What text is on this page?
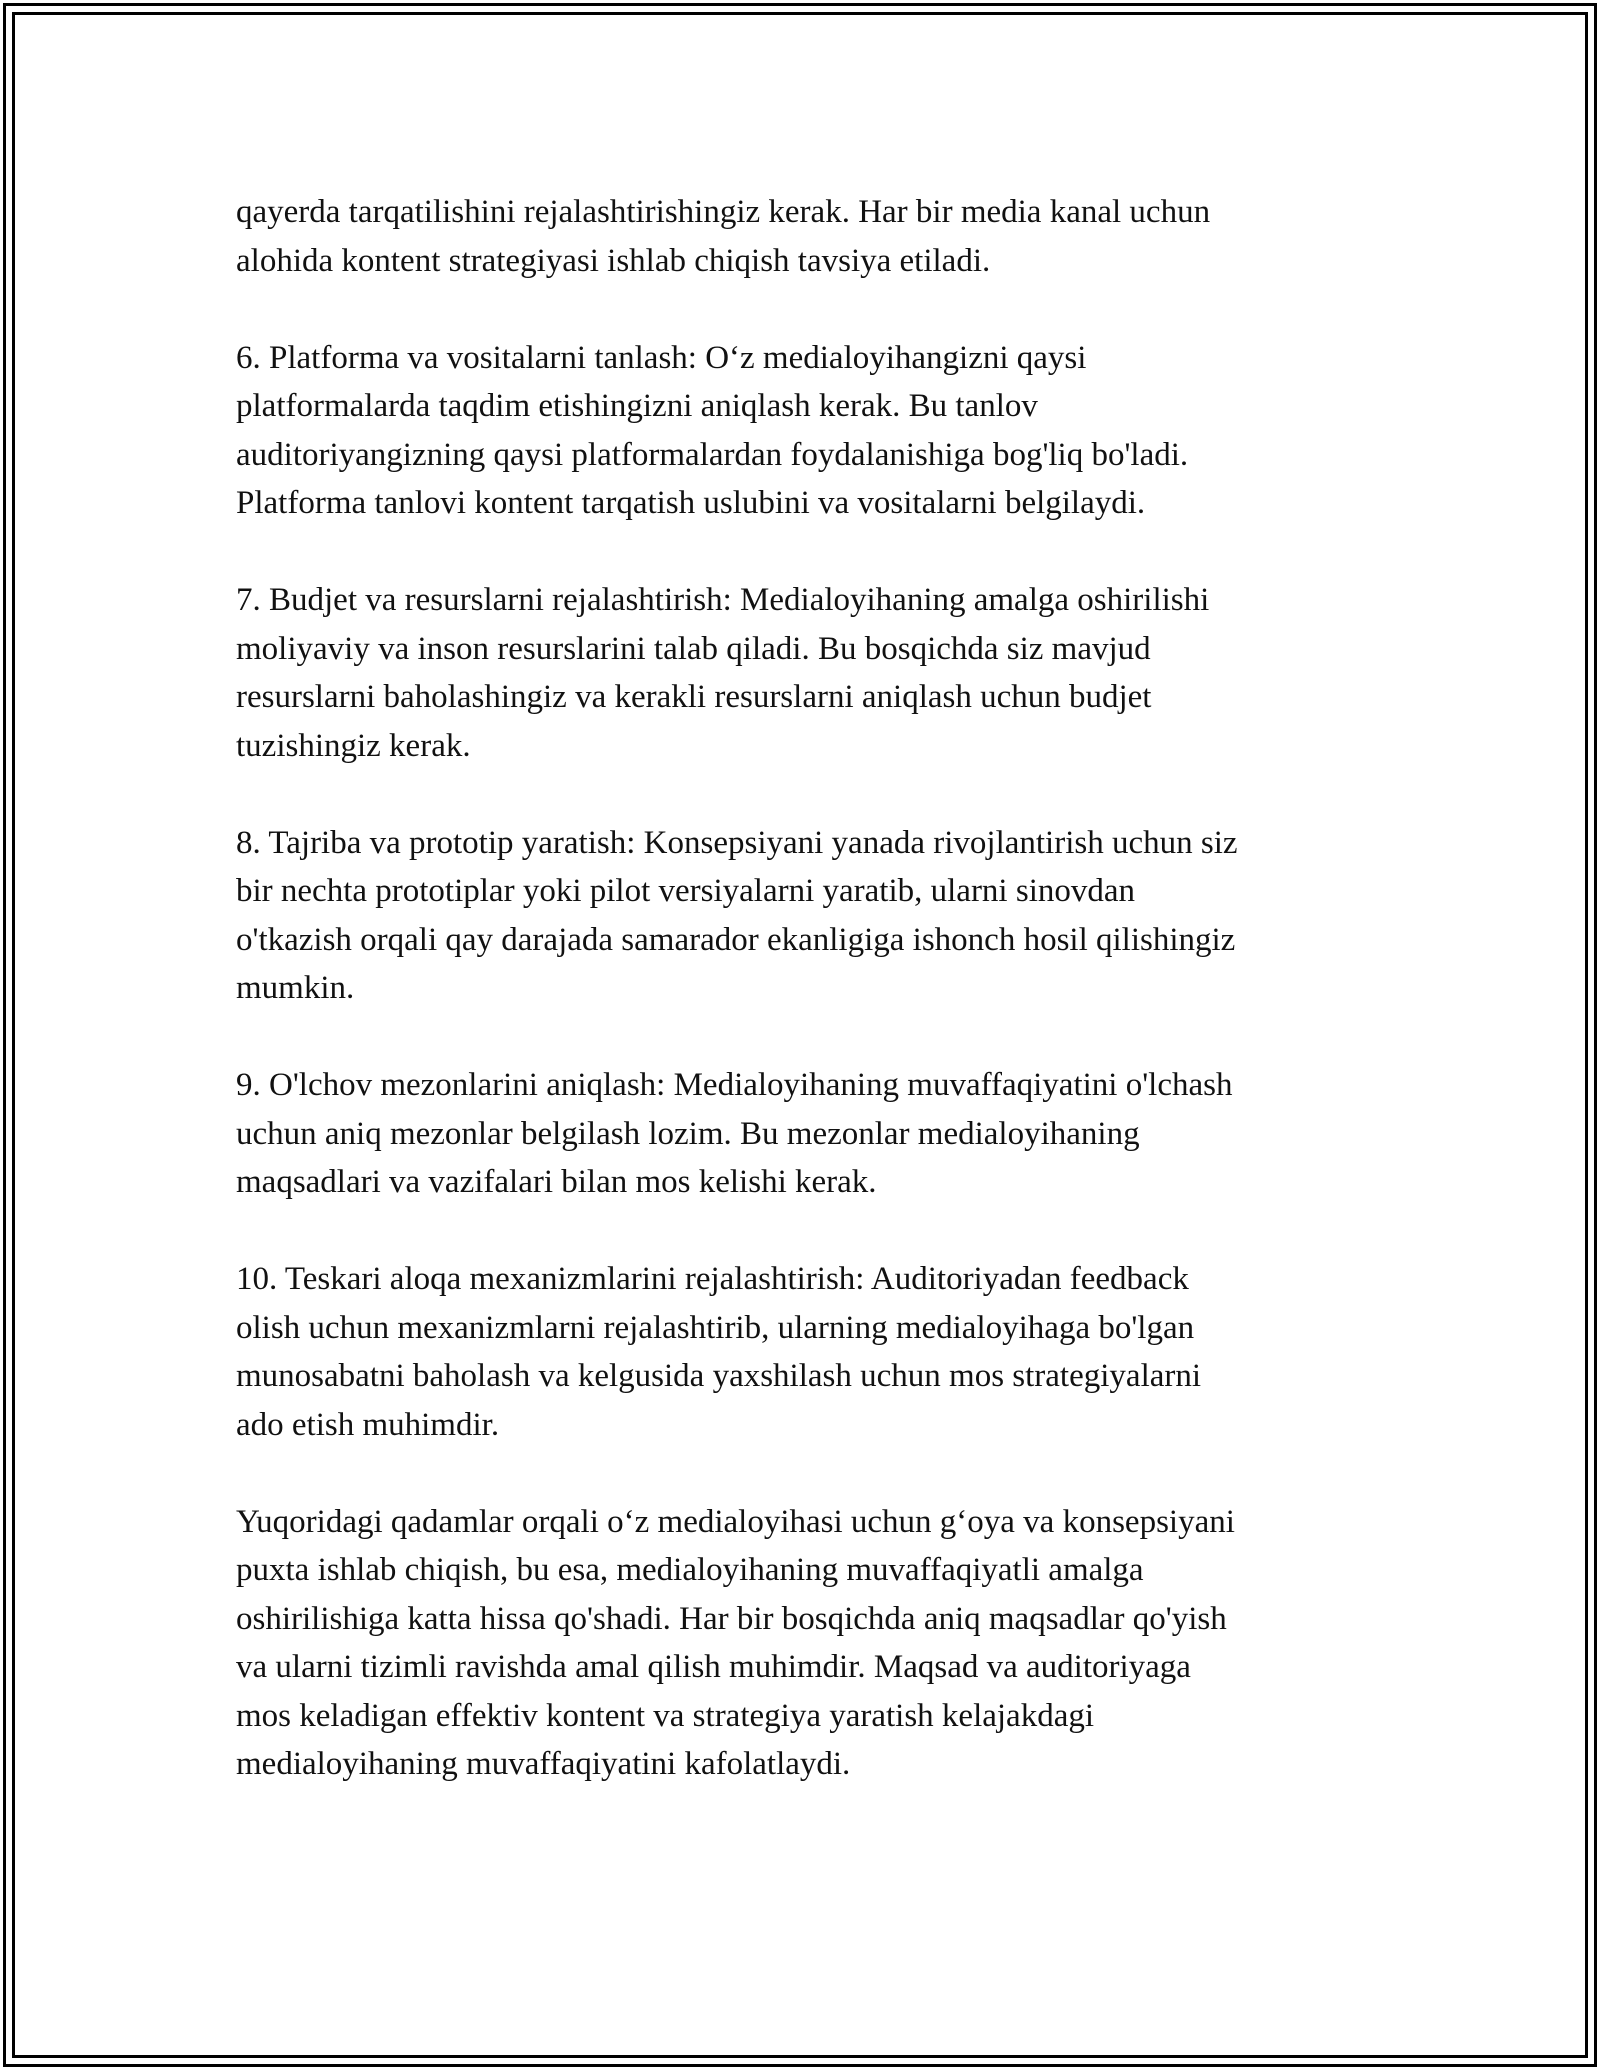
qayerda tarqatilishini rejalashtirishingiz kerak. Har bir media kanal uchun
alohida kontent strategiyasi ishlab chiqish tavsiya etiladi.

6. Platforma va vositalarni tanlash: O‘z medialoyihangizni qaysi
platformalarda taqdim etishingizni aniqlash kerak. Bu tanlov
auditoriyangizning qaysi platformalardan foydalanishiga bog'liq bo'ladi.
Platforma tanlovi kontent tarqatish uslubini va vositalarni belgilaydi.

7. Budjet va resurslarni rejalashtirish: Medialoyihaning amalga oshirilishi
moliyaviy va inson resurslarini talab qiladi. Bu bosqichda siz mavjud
resurslarni baholashingiz va kerakli resurslarni aniqlash uchun budjet
tuzishingiz kerak.

8. Tajriba va prototip yaratish: Konsepsiyani yanada rivojlantirish uchun siz
bir nechta prototiplar yoki pilot versiyalarni yaratib, ularni sinovdan
o'tkazish orqali qay darajada samarador ekanligiga ishonch hosil qilishingiz
mumkin.

9. O'lchov mezonlarini aniqlash: Medialoyihaning muvaffaqiyatini o'lchash
uchun aniq mezonlar belgilash lozim. Bu mezonlar medialoyihaning
maqsadlari va vazifalari bilan mos kelishi kerak.

10. Teskari aloqa mexanizmlarini rejalashtirish: Auditoriyadan feedback
olish uchun mexanizmlarni rejalashtirib, ularning medialoyihaga bo'lgan
munosabatni baholash va kelgusida yaxshilash uchun mos strategiyalarni
ado etish muhimdir.

Yuqoridagi qadamlar orqali o‘z medialoyihasi uchun g‘oya va konsepsiyani
puxta ishlab chiqish, bu esa, medialoyihaning muvaffaqiyatli amalga
oshirilishiga katta hissa qo'shadi. Har bir bosqichda aniq maqsadlar qo'yish
va ularni tizimli ravishda amal qilish muhimdir. Maqsad va auditoriyaga
mos keladigan effektiv kontent va strategiya yaratish kelajakdagi
medialoyihaning muvaffaqiyatini kafolatlaydi.
